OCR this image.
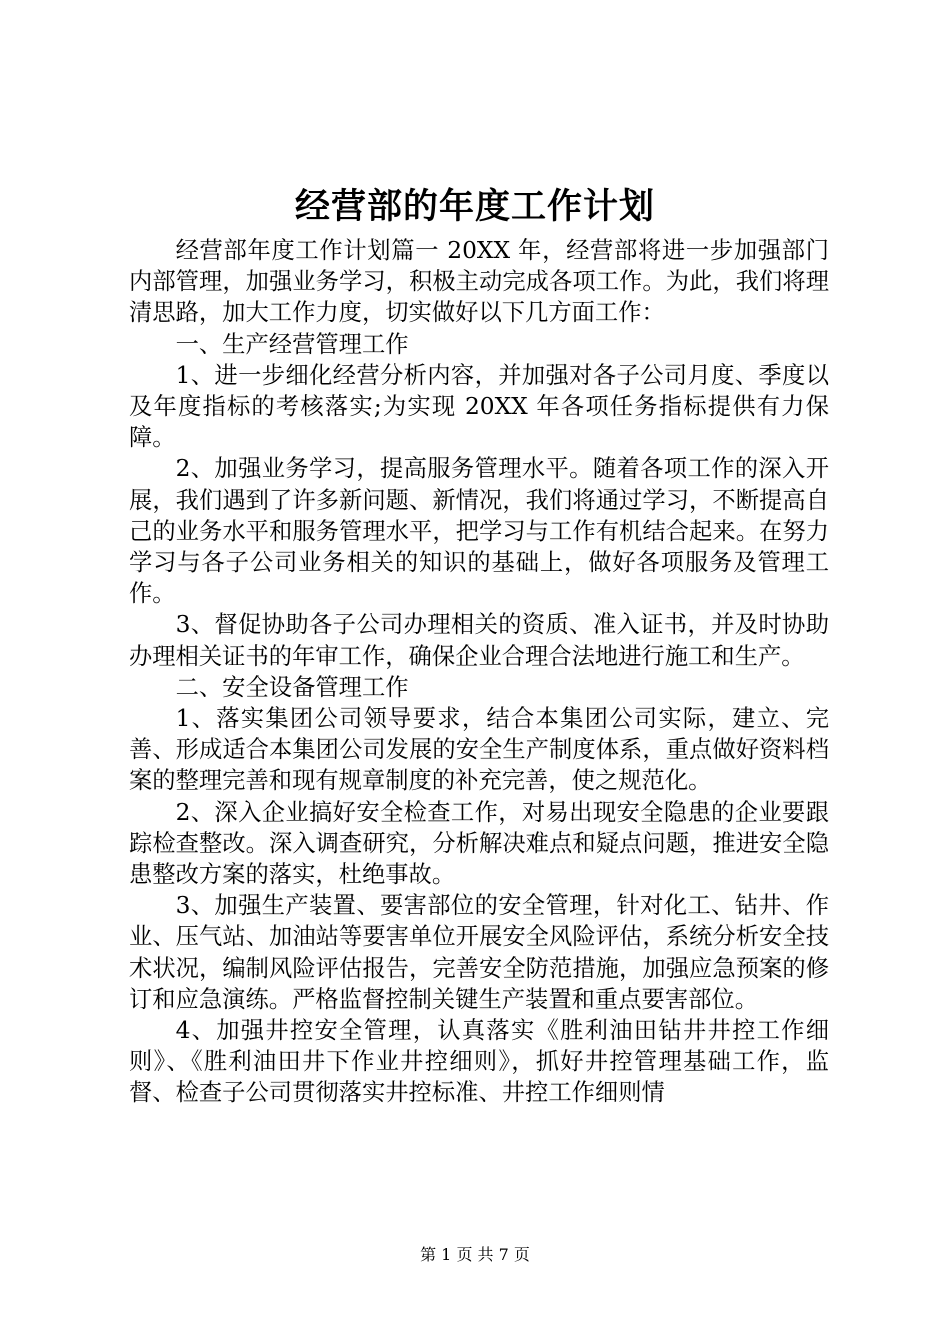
经营部的年度工作计划

经营部年度工作计划篇一 20XX 年，经营部将进一步加强部门内部管理，加强业务学习，积极主动完成各项工作。为此，我们将理清思路，加大工作力度，切实做好以下几方面工作：

一、生产经营管理工作

1、进一步细化经营分析内容，并加强对各子公司月度、季度以及年度指标的考核落实;为实现 20XX 年各项任务指标提供有力保障。

2、加强业务学习，提高服务管理水平。随着各项工作的深入开展，我们遇到了许多新问题、新情况，我们将通过学习，不断提高自己的业务水平和服务管理水平，把学习与工作有机结合起来。在努力学习与各子公司业务相关的知识的基础上，做好各项服务及管理工作。

3、督促协助各子公司办理相关的资质、准入证书，并及时协助办理相关证书的年审工作，确保企业合理合法地进行施工和生产。

二、安全设备管理工作

1、落实集团公司领导要求，结合本集团公司实际，建立、完善、形成适合本集团公司发展的安全生产制度体系，重点做好资料档案的整理完善和现有规章制度的补充完善，使之规范化。

2、深入企业搞好安全检查工作，对易出现安全隐患的企业要跟踪检查整改。深入调查研究，分析解决难点和疑点问题，推进安全隐患整改方案的落实，杜绝事故。

3、加强生产装置、要害部位的安全管理，针对化工、钻井、作业、压气站、加油站等要害单位开展安全风险评估，系统分析安全技术状况，编制风险评估报告，完善安全防范措施，加强应急预案的修订和应急演练。严格监督控制关键生产装置和重点要害部位。

4、加强井控安全管理，认真落实《胜利油田钻井井控工作细则》、《胜利油田井下作业井控细则》，抓好井控管理基础工作，监督、检查子公司贯彻落实井控标准、井控工作细则情

第 1 页 共 7 页
